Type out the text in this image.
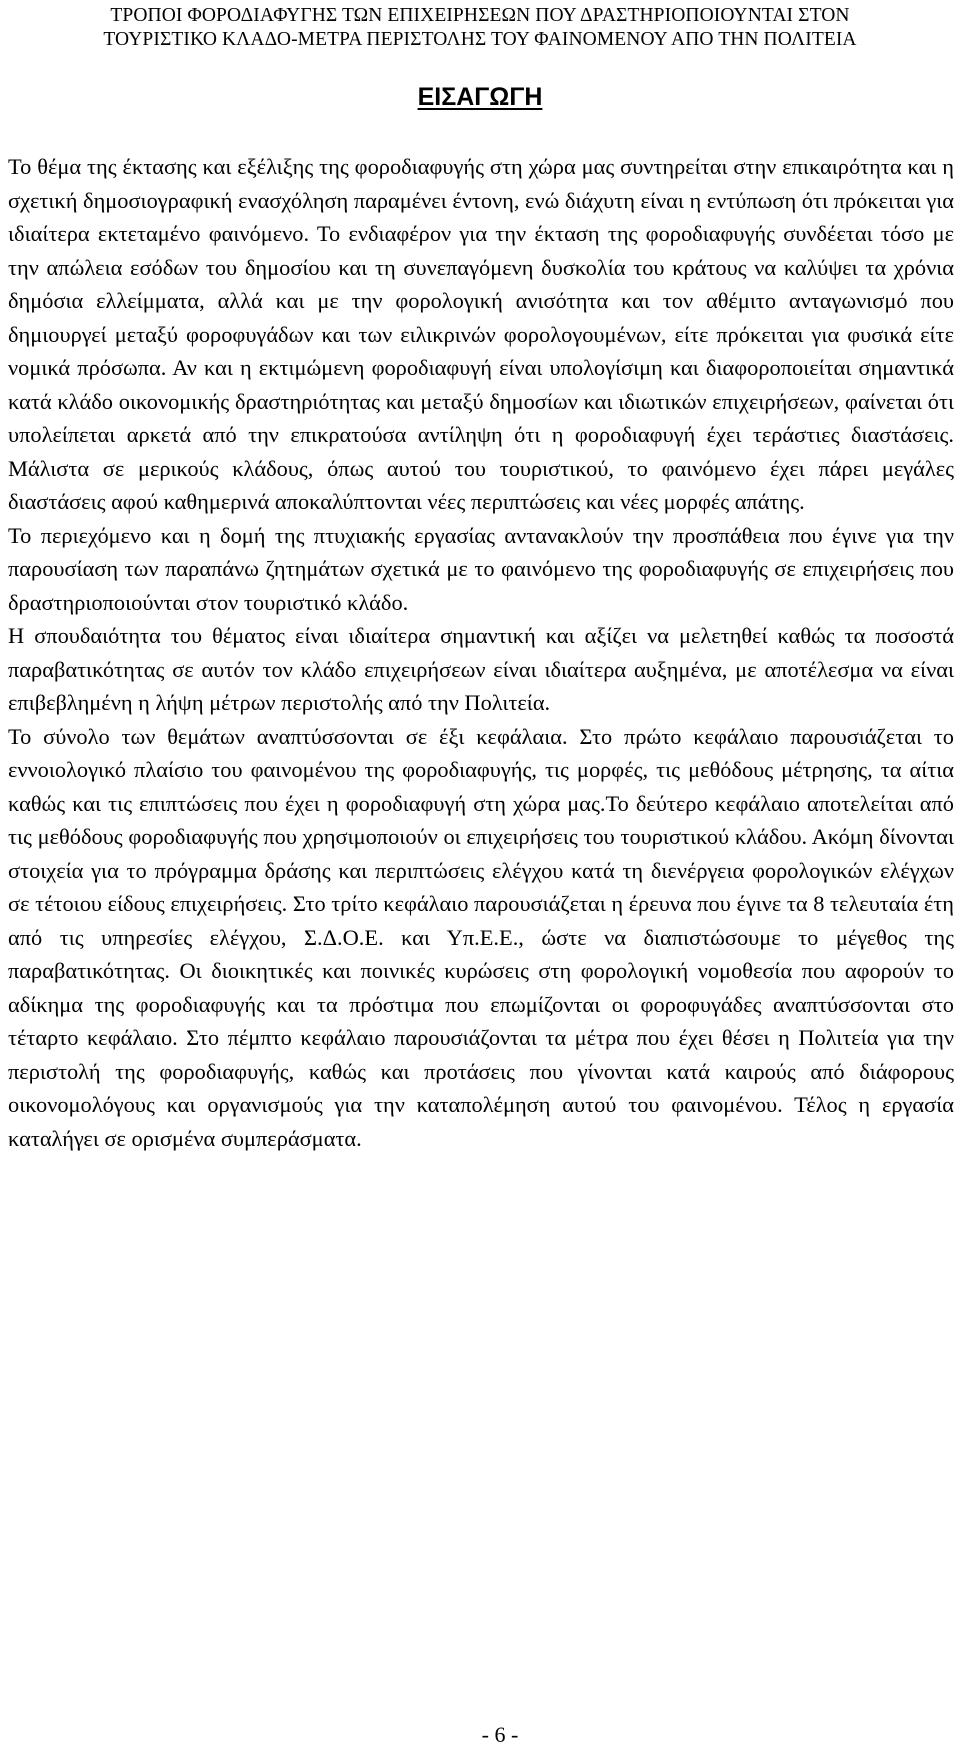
ΤΡΟΠΟΙ ΦΟΡΟΔΙΑΦΥΓΗΣ ΤΩΝ ΕΠΙΧΕΙΡΗΣΕΩΝ ΠΟΥ ΔΡΑΣΤΗΡΙΟΠΟΙΟΥΝΤΑΙ ΣΤΟΝ
ΤΟΥΡΙΣΤΙΚΟ ΚΛΑΔΟ-ΜΕΤΡΑ ΠΕΡΙΣΤΟΛΗΣ ΤΟΥ ΦΑΙΝΟΜΕΝΟΥ ΑΠΟ ΤΗΝ ΠΟΛΙΤΕΙΑ
ΕΙΣΑΓΩΓΗ

Το θέμα της έκτασης και εξέλιξης της φοροδιαφυγής στη χώρα μας συντηρείται στην επικαιρότητα και η σχετική δημοσιογραφική ενασχόληση παραμένει έντονη, ενώ διάχυτη είναι η εντύπωση ότι πρόκειται για ιδιαίτερα εκτεταμένο φαινόμενο. Το ενδιαφέρον για την έκταση της φοροδιαφυγής συνδέεται τόσο με την απώλεια εσόδων του δημοσίου και τη συνεπαγόμενη δυσκολία του κράτους να καλύψει τα χρόνια δημόσια ελλείμματα, αλλά και με την φορολογική ανισότητα και τον αθέμιτο ανταγωνισμό που δημιουργεί μεταξύ φοροφυγάδων και των ειλικρινών φορολογουμένων, είτε πρόκειται για φυσικά είτε νομικά πρόσωπα. Αν και η εκτιμώμενη φοροδιαφυγή είναι υπολογίσιμη και διαφοροποιείται σημαντικά κατά κλάδο οικονομικής δραστηριότητας και μεταξύ δημοσίων και ιδιωτικών επιχειρήσεων, φαίνεται ότι υπολείπεται αρκετά από την επικρατούσα αντίληψη ότι η φοροδιαφυγή έχει τεράστιες διαστάσεις. Μάλιστα σε μερικούς κλάδους, όπως αυτού του τουριστικού, το φαινόμενο έχει πάρει μεγάλες διαστάσεις αφού καθημερινά αποκαλύπτονται νέες περιπτώσεις και νέες μορφές απάτης.

Το περιεχόμενο και η δομή της πτυχιακής εργασίας αντανακλούν την προσπάθεια που έγινε για την παρουσίαση των παραπάνω ζητημάτων σχετικά με το φαινόμενο της φοροδιαφυγής σε επιχειρήσεις που δραστηριοποιούνται στον τουριστικό κλάδο.

Η σπουδαιότητα του θέματος είναι ιδιαίτερα σημαντική και αξίζει να μελετηθεί καθώς τα ποσοστά παραβατικότητας σε αυτόν τον κλάδο επιχειρήσεων είναι ιδιαίτερα αυξημένα, με αποτέλεσμα να είναι επιβεβλημένη η λήψη μέτρων περιστολής από την Πολιτεία.

Το σύνολο των θεμάτων αναπτύσσονται σε έξι κεφάλαια. Στο πρώτο κεφάλαιο παρουσιάζεται το εννοιολογικό πλαίσιο του φαινομένου της φοροδιαφυγής, τις μορφές, τις μεθόδους μέτρησης, τα αίτια καθώς και τις επιπτώσεις που έχει η φοροδιαφυγή στη χώρα μας.Το δεύτερο κεφάλαιο αποτελείται από τις μεθόδους φοροδιαφυγής που χρησιμοποιούν οι επιχειρήσεις του τουριστικού κλάδου. Ακόμη δίνονται στοιχεία για το πρόγραμμα δράσης και περιπτώσεις ελέγχου κατά τη διενέργεια φορολογικών ελέγχων σε τέτοιου είδους επιχειρήσεις. Στο τρίτο κεφάλαιο παρουσιάζεται η έρευνα που έγινε τα 8 τελευταία έτη από τις υπηρεσίες ελέγχου, Σ.Δ.Ο.Ε. και Υπ.Ε.Ε., ώστε να διαπιστώσουμε το μέγεθος της παραβατικότητας. Οι διοικητικές και ποινικές κυρώσεις στη φορολογική νομοθεσία που αφορούν το αδίκημα της φοροδιαφυγής και τα πρόστιμα που επωμίζονται οι φοροφυγάδες αναπτύσσονται στο τέταρτο κεφάλαιο. Στο πέμπτο κεφάλαιο παρουσιάζονται τα μέτρα που έχει θέσει η Πολιτεία για την περιστολή της φοροδιαφυγής, καθώς και προτάσεις που γίνονται κατά καιρούς από διάφορους οικονομολόγους και οργανισμούς για την καταπολέμηση αυτού του φαινομένου. Τέλος η εργασία καταλήγει σε ορισμένα συμπεράσματα.

- 6 -
